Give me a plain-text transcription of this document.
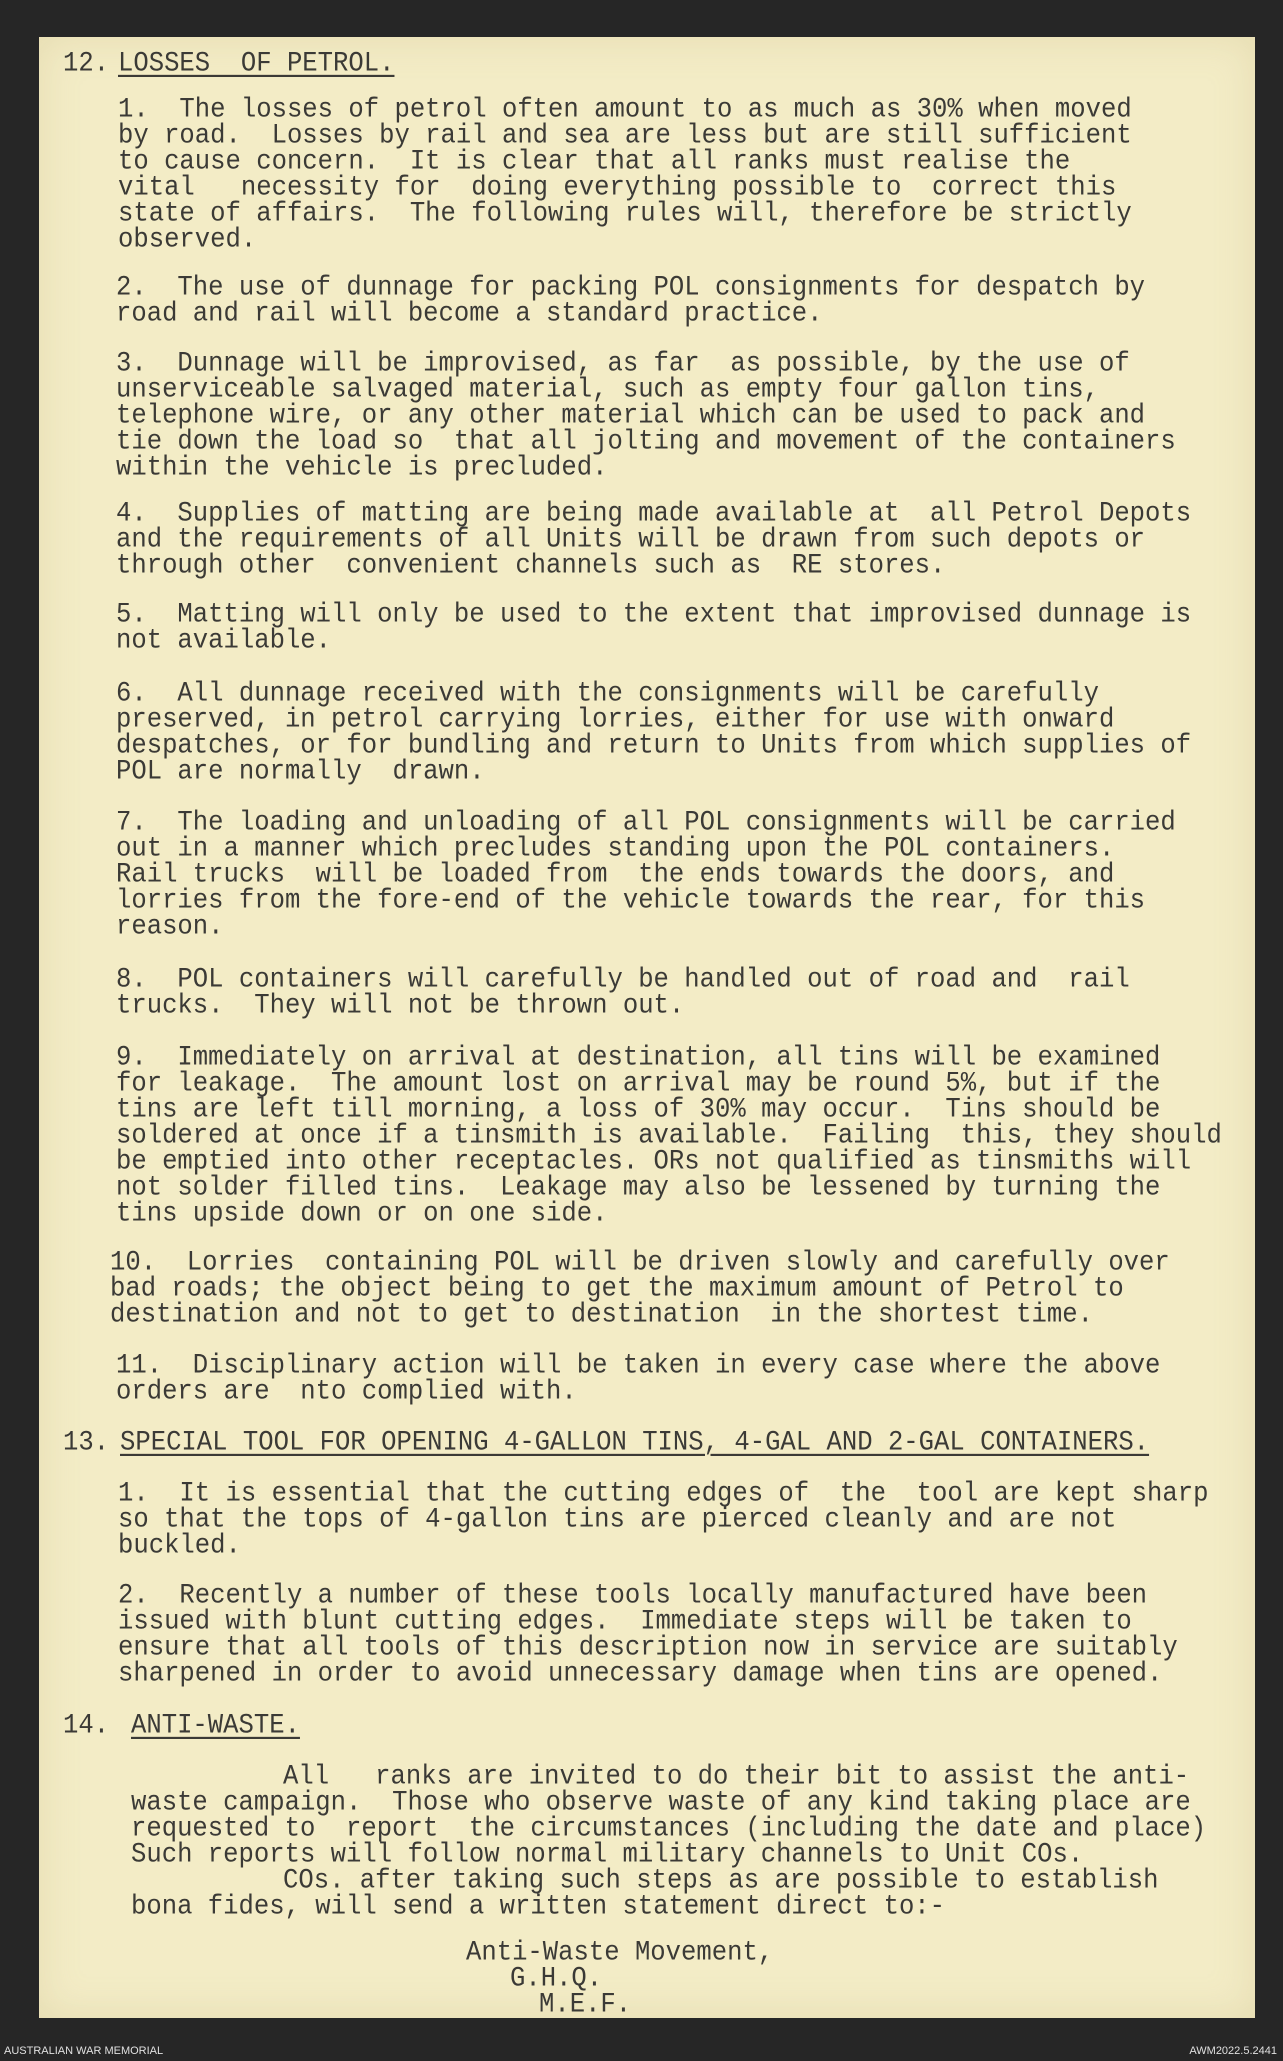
AUSTRALIAN WAR MEMORIAL	AWM2022.5.2441
12. LOSSES  OF PETROL.
1.  The losses of petrol often amount to as much as 30% when moved
by road.  Losses by rail and sea are less but are still sufficient
to cause concern.  It is clear that all ranks must realise the
vital   necessity for  doing everything possible to  correct this
state of affairs.  The following rules will, therefore be strictly
observed.
2.  The use of dunnage for packing POL consignments for despatch by
road and rail will become a standard practice.
3.  Dunnage will be improvised, as far  as possible, by the use of
unserviceable salvaged material, such as empty four gallon tins,
telephone wire, or any other material which can be used to pack and
tie down the load so  that all jolting and movement of the containers
within the vehicle is precluded.
4.  Supplies of matting are being made available at  all Petrol Depots
and the requirements of all Units will be drawn from such depots or
through other  convenient channels such as  RE stores.
5.  Matting will only be used to the extent that improvised dunnage is
not available.
6.  All dunnage received with the consignments will be carefully
preserved, in petrol carrying lorries, either for use with onward
despatches, or for bundling and return to Units from which supplies of
POL are normally  drawn.
7.  The loading and unloading of all POL consignments will be carried
out in a manner which precludes standing upon the POL containers.
Rail trucks  will be loaded from  the ends towards the doors, and
lorries from the fore-end of the vehicle towards the rear, for this
reason.
8.  POL containers will carefully be handled out of road and  rail
trucks.  They will not be thrown out.
9.  Immediately on arrival at destination, all tins will be examined
for leakage.  The amount lost on arrival may be round 5%, but if the
tins are left till morning, a loss of 30% may occur.  Tins should be
soldered at once if a tinsmith is available.  Failing  this, they should
be emptied into other receptacles. ORs not qualified as tinsmiths will
not solder filled tins.  Leakage may also be lessened by turning the
tins upside down or on one side.
10.  Lorries  containing POL will be driven slowly and carefully over
bad roads; the object being to get the maximum amount of Petrol to
destination and not to get to destination  in the shortest time.
11.  Disciplinary action will be taken in every case where the above
orders are  nto complied with.
13. SPECIAL TOOL FOR OPENING 4-GALLON TINS, 4-GAL AND 2-GAL CONTAINERS.
1.  It is essential that the cutting edges of  the  tool are kept sharp
so that the tops of 4-gallon tins are pierced cleanly and are not
buckled.
2.  Recently a number of these tools locally manufactured have been
issued with blunt cutting edges.  Immediate steps will be taken to
ensure that all tools of this description now in service are suitably
sharpened in order to avoid unnecessary damage when tins are opened.
14. ANTI-WASTE.
All   ranks are invited to do their bit to assist the anti-
waste campaign.  Those who observe waste of any kind taking place are
requested to  report  the circumstances (including the date and place)
Such reports will follow normal military channels to Unit COs.
COs. after taking such steps as are possible to establish
bona fides, will send a written statement direct to:-
Anti-Waste Movement,
G.H.Q.
M.E.F.
